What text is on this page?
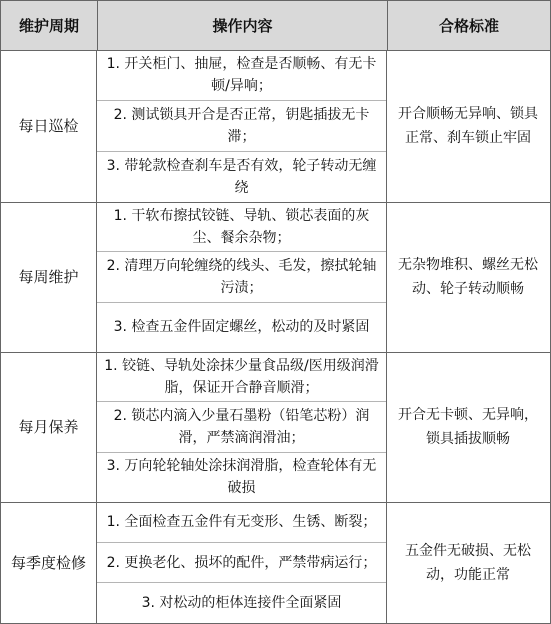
维护周期	操作内容	合格标准
每日巡检
1. 开关柜门、抽屉，检查是否顺畅、有无卡顿/异响；
2. 测试锁具开合是否正常，钥匙插拔无卡滞；
3. 带轮款检查刹车是否有效，轮子转动无缠绕
开合顺畅无异响、锁具正常、刹车锁止牢固
每周维护
1. 干软布擦拭铰链、导轨、锁芯表面的灰尘、餐余杂物；
2. 清理万向轮缠绕的线头、毛发，擦拭轮轴污渍；
3. 检查五金件固定螺丝，松动的及时紧固
无杂物堆积、螺丝无松动、轮子转动顺畅
每月保养
1. 铰链、导轨处涂抹少量食品级/医用级润滑脂，保证开合静音顺滑；
2. 锁芯内滴入少量石墨粉（铅笔芯粉）润滑，严禁滴润滑油；
3. 万向轮轮轴处涂抹润滑脂，检查轮体有无破损
开合无卡顿、无异响，锁具插拔顺畅
每季度检修
1. 全面检查五金件有无变形、生锈、断裂；
2. 更换老化、损坏的配件，严禁带病运行；
3. 对松动的柜体连接件全面紧固
五金件无破损、无松动，功能正常
